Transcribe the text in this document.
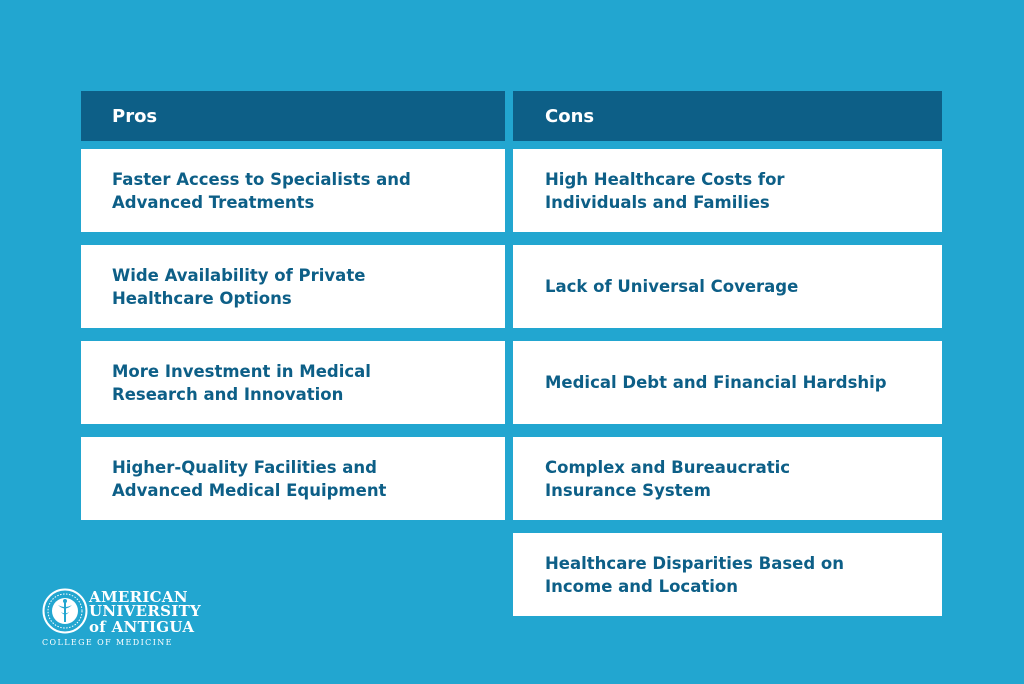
Pros
Faster Access to Specialists and
Advanced Treatments
Wide Availability of Private
Healthcare Options
More Investment in Medical
Research and Innovation
Higher-Quality Facilities and
Advanced Medical Equipment
Cons
High Healthcare Costs for
Individuals and Families
Lack of Universal Coverage
Medical Debt and Financial Hardship
Complex and Bureaucratic
Insurance System
Healthcare Disparities Based on
Income and Location
AMERICAN
UNIVERSITY
of ANTIGUA
COLLEGE OF MEDICINE
